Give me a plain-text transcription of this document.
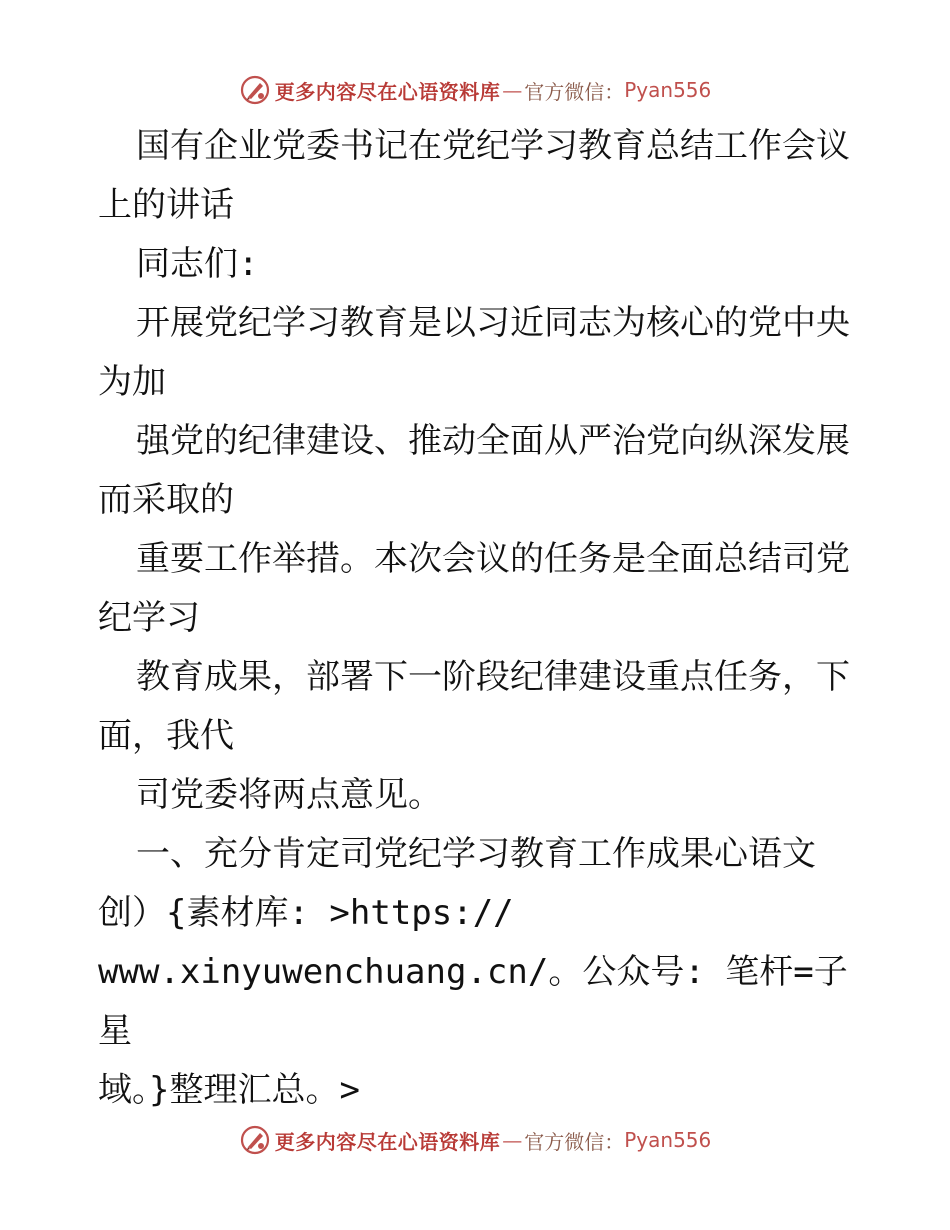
更多内容尽在心语资料库 — 官方微信： Pyan556

国有企业党委书记在党纪学习教育总结工作会议上的讲话

同志们:

开展党纪学习教育是以习近同志为核心的党中央为加

强党的纪律建设、推动全面从严治党向纵深发展而采取的

重要工作举措。本次会议的任务是全面总结司党纪学习

教育成果，部署下一阶段纪律建设重点任务，下面，我代

司党委将两点意见。

一、充分肯定司党纪学习教育工作成果心语文创）{素材库: >https://

www.xinyuwenchuang.cn/。公众号: 笔杆=子星

域。}整理汇总。>

更多内容尽在心语资料库 — 官方微信： Pyan556
